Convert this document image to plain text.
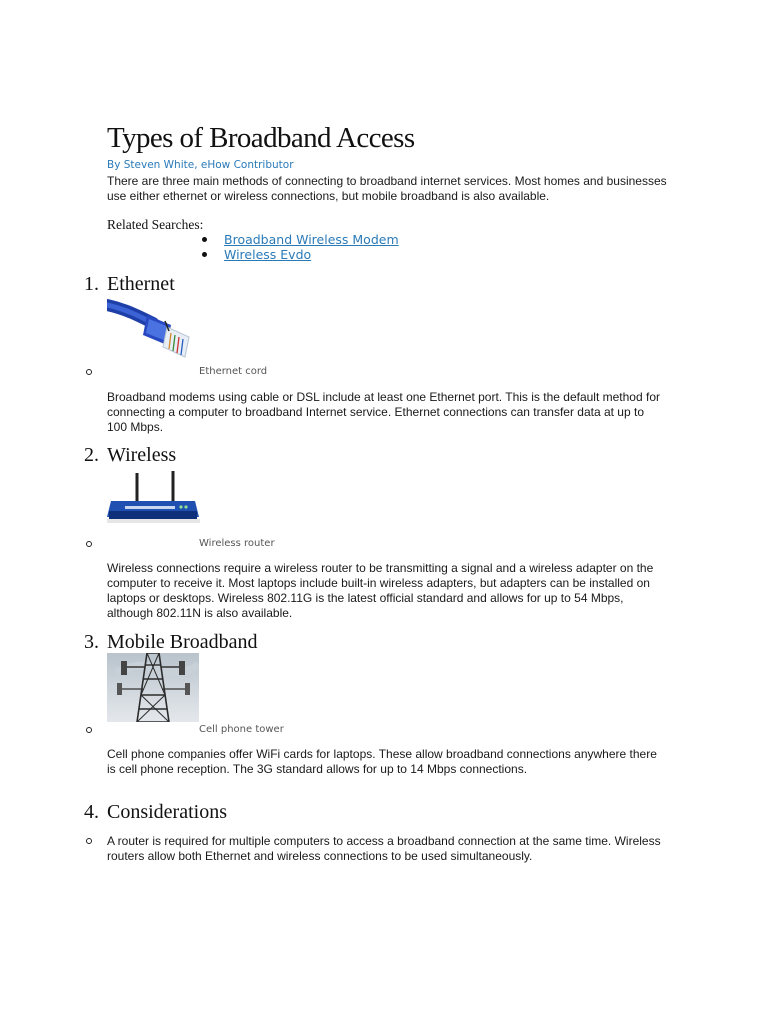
Types of Broadband Access
By Steven White, eHow Contributor

There are three main methods of connecting to broadband internet services. Most homes and businesses use either ethernet or wireless connections, but mobile broadband is also available.

Related Searches:
Broadband Wireless Modem
Wireless Evdo
1. Ethernet
Ethernet cord

Broadband modems using cable or DSL include at least one Ethernet port. This is the default method for connecting a computer to broadband Internet service. Ethernet connections can transfer data at up to 100 Mbps.

2. Wireless
Wireless router

Wireless connections require a wireless router to be transmitting a signal and a wireless adapter on the computer to receive it. Most laptops include built-in wireless adapters, but adapters can be installed on laptops or desktops. Wireless 802.11G is the latest official standard and allows for up to 54 Mbps, although 802.11N is also available.

3. Mobile Broadband
Cell phone tower

Cell phone companies offer WiFi cards for laptops. These allow broadband connections anywhere there is cell phone reception. The 3G standard allows for up to 14 Mbps connections.

4. Considerations

A router is required for multiple computers to access a broadband connection at the same time. Wireless routers allow both Ethernet and wireless connections to be used simultaneously.
